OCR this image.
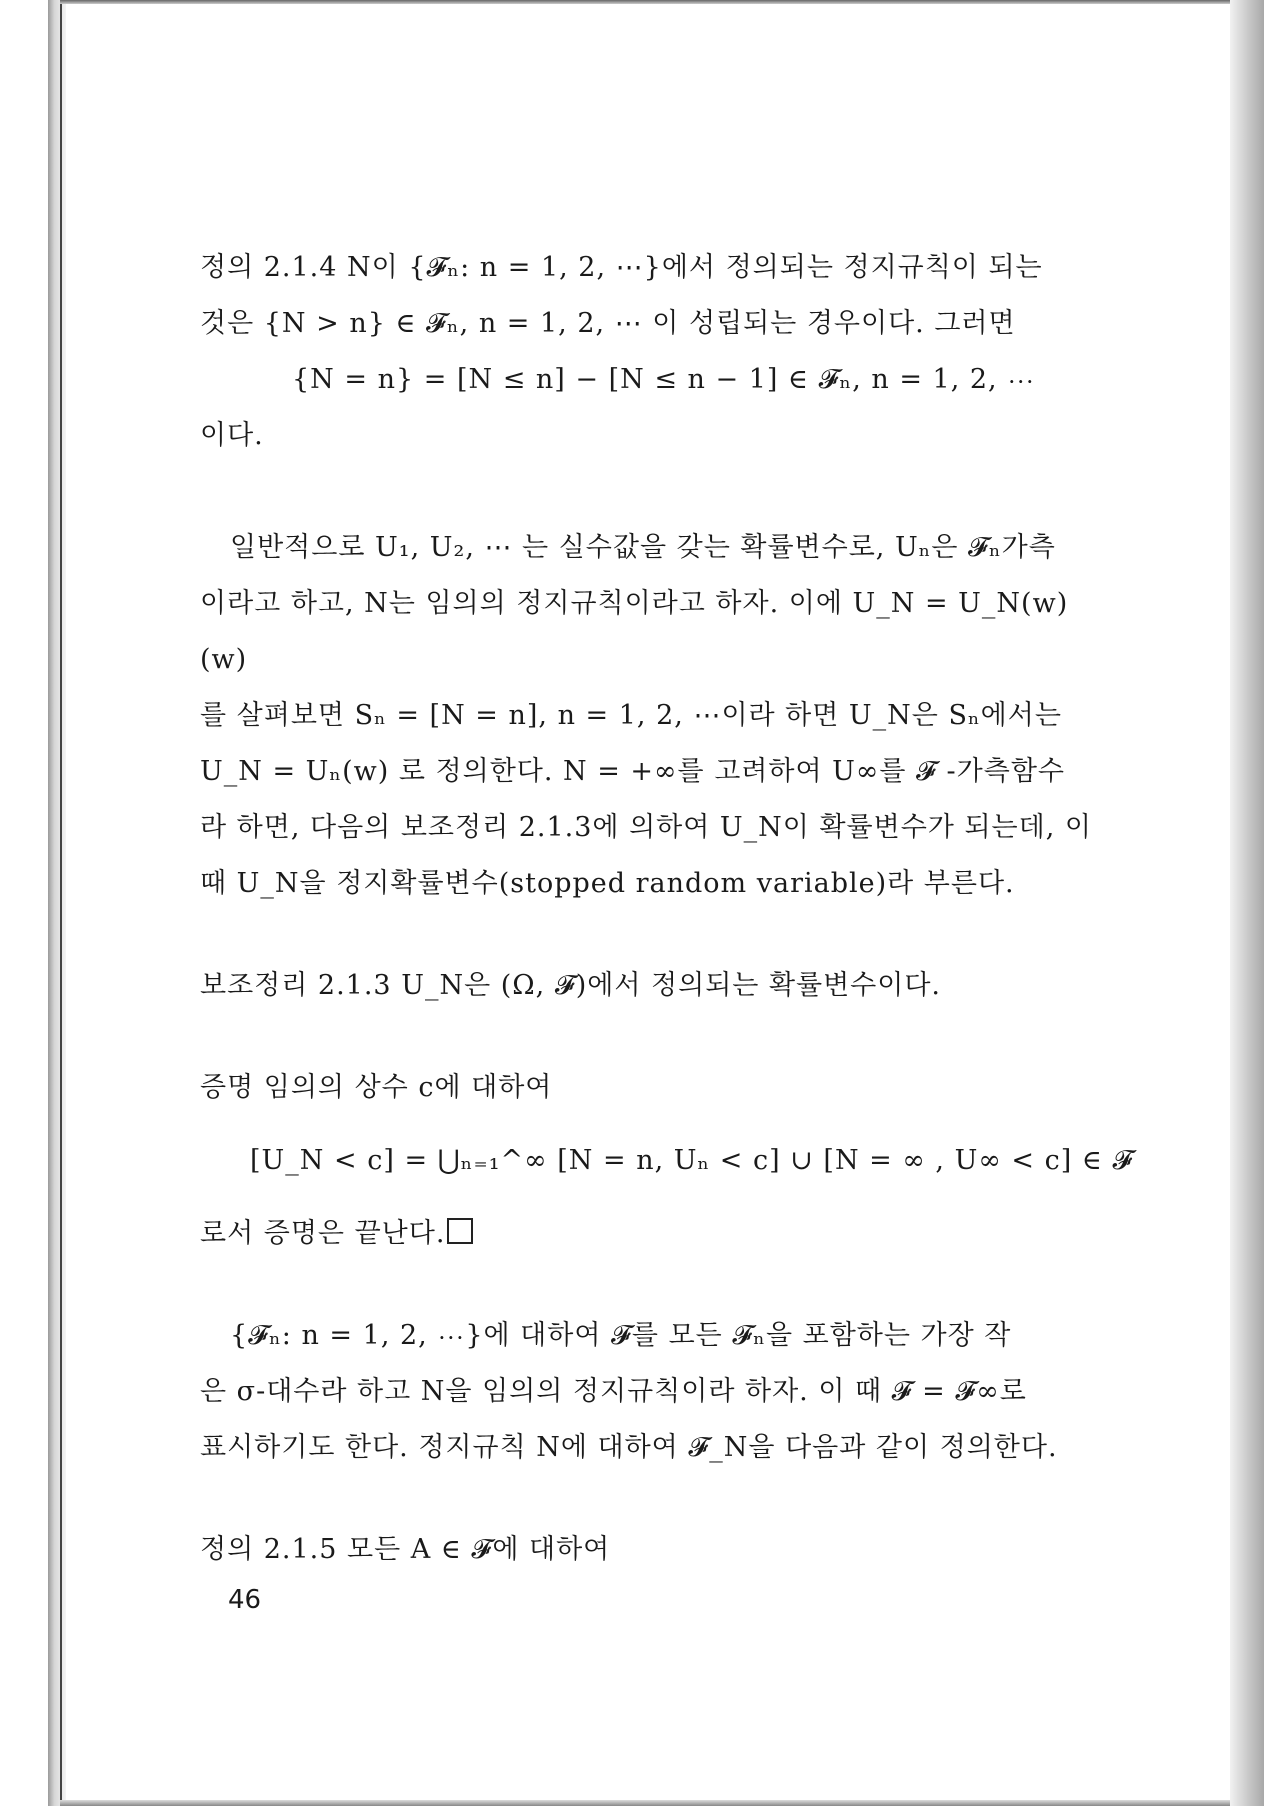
정의 2.1.4 N이 {𝓕ₙ: n = 1, 2, ⋯}에서 정의되는 정지규칙이 되는

것은 {N > n} ∈ 𝓕ₙ, n = 1, 2, ⋯ 이 성립되는 경우이다. 그러면

{N = n} = [N ≤ n] − [N ≤ n − 1] ∈ 𝓕ₙ, n = 1, 2, ⋯

이다.

일반적으로 U₁, U₂, ⋯ 는 실수값을 갖는 확률변수로, Uₙ은 𝓕ₙ가측

이라고 하고, N는 임의의 정지규칙이라고 하자. 이에 U_N = U_N(w)(w)

를 살펴보면 Sₙ = [N = n], n = 1, 2, ⋯이라 하면 U_N은 Sₙ에서는

U_N = Uₙ(w) 로 정의한다. N = +∞를 고려하여 U∞를 𝓕 -가측함수

라 하면, 다음의 보조정리 2.1.3에 의하여 U_N이 확률변수가 되는데, 이

때 U_N을 정지확률변수(stopped random variable)라 부른다.

보조정리 2.1.3 U_N은 (Ω, 𝓕)에서 정의되는 확률변수이다.

증명 임의의 상수 c에 대하여

[U_N < c] = ⋃ₙ₌₁^∞ [N = n, Uₙ < c] ∪ [N = ∞ , U∞ < c] ∈ 𝓕

로서 증명은 끝난다.

{𝓕ₙ: n = 1, 2, ⋯}에 대하여 𝓕를 모든 𝓕ₙ을 포함하는 가장 작

은 σ-대수라 하고 N을 임의의 정지규칙이라 하자. 이 때 𝓕 = 𝓕∞로

표시하기도 한다. 정지규칙 N에 대하여 𝓕_N을 다음과 같이 정의한다.

정의 2.1.5 모든 A ∈ 𝓕에 대하여

46
